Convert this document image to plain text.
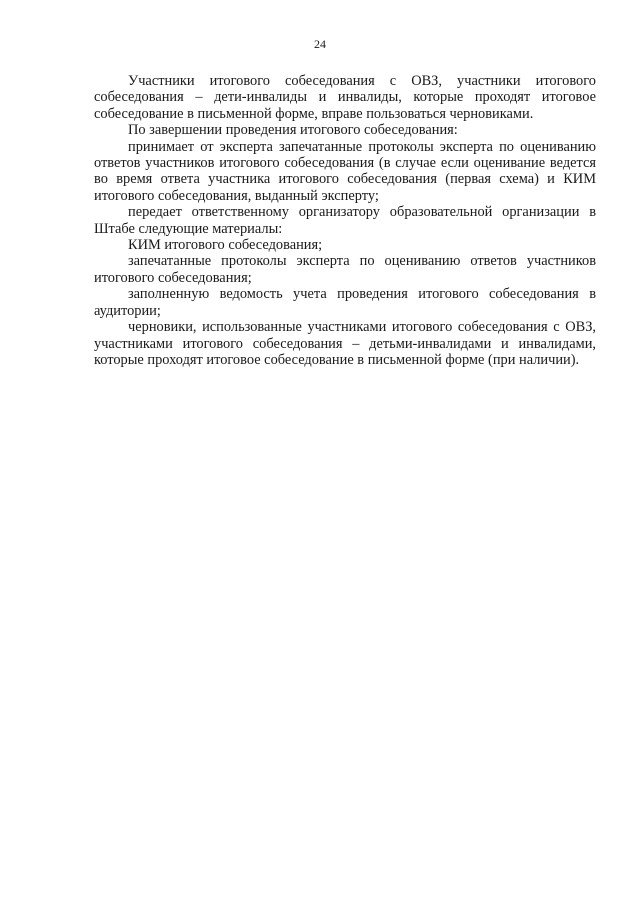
24

Участники итогового собеседования с ОВЗ, участники итогового собеседования – дети-инвалиды и инвалиды, которые проходят итоговое собеседование в письменной форме, вправе пользоваться черновиками.

По завершении проведения итогового собеседования:

принимает от эксперта запечатанные протоколы эксперта по оцениванию ответов участников итогового собеседования (в случае если оценивание ведется во время ответа участника итогового собеседования (первая схема) и КИМ итогового собеседования, выданный эксперту;

передает ответственному организатору образовательной организации в Штабе следующие материалы:

КИМ итогового собеседования;

запечатанные протоколы эксперта по оцениванию ответов участников итогового собеседования;

заполненную ведомость учета проведения итогового собеседования в аудитории;

черновики, использованные участниками итогового собеседования с ОВЗ, участниками итогового собеседования – детьми-инвалидами и инвалидами, которые проходят итоговое собеседование в письменной форме (при наличии).
